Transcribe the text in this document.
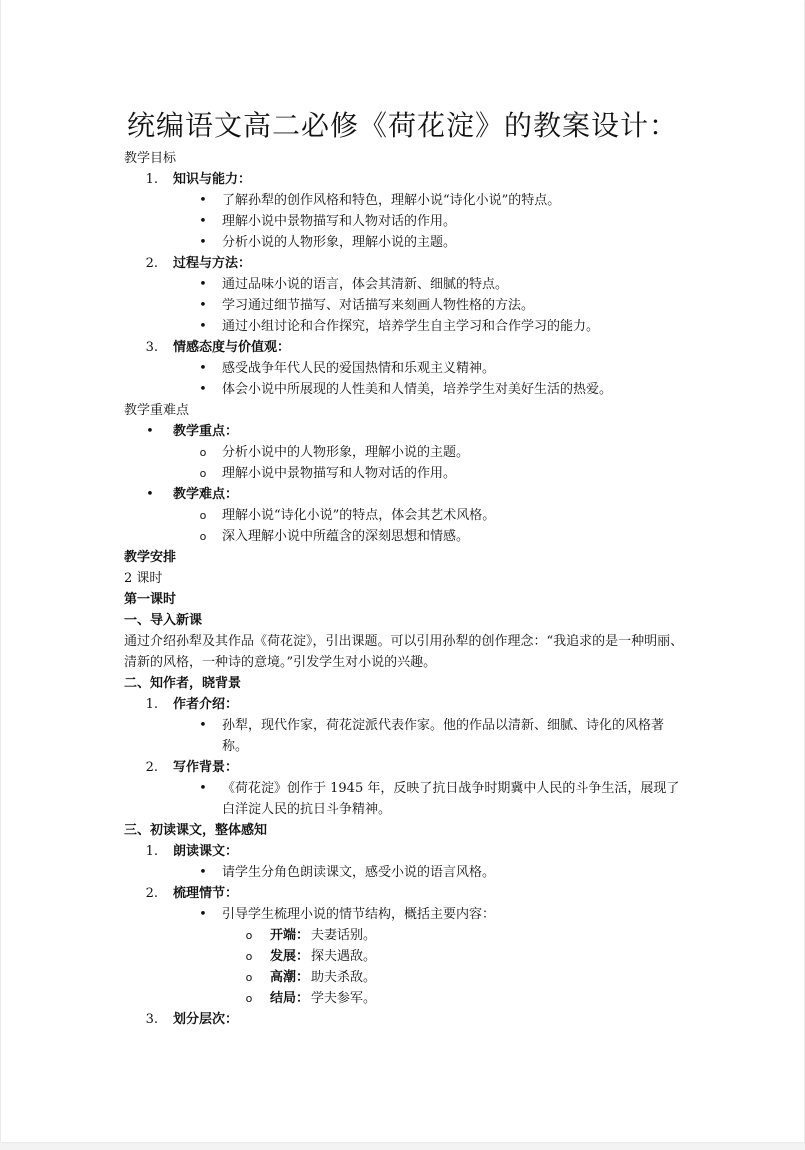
统编语文高二必修《荷花淀》的教案设计：
教学目标
1. 知识与能力：
•
了解孙犁的创作风格和特色，理解小说“诗化小说”的特点。
•
理解小说中景物描写和人物对话的作用。
•
分析小说的人物形象，理解小说的主题。
2. 过程与方法：
•
通过品味小说的语言，体会其清新、细腻的特点。
•
学习通过细节描写、对话描写来刻画人物性格的方法。
•
通过小组讨论和合作探究，培养学生自主学习和合作学习的能力。
3. 情感态度与价值观：
•
感受战争年代人民的爱国热情和乐观主义精神。
•
体会小说中所展现的人性美和人情美，培养学生对美好生活的热爱。
教学重难点
•
教学重点：
o
分析小说中的人物形象，理解小说的主题。
o
理解小说中景物描写和人物对话的作用。
•
教学难点：
o
理解小说“诗化小说”的特点，体会其艺术风格。
o
深入理解小说中所蕴含的深刻思想和情感。
教学安排
2 课时
第一课时
一、导入新课
通过介绍孙犁及其作品《荷花淀》，引出课题。可以引用孙犁的创作理念：“我追求的是一种明丽、清新的风格，一种诗的意境。”引发学生对小说的兴趣。
二、知作者，晓背景
1. 作者介绍：
•
孙犁，现代作家，荷花淀派代表作家。他的作品以清新、细腻、诗化的风格著称。
2. 写作背景：
•
《荷花淀》创作于 1945 年，反映了抗日战争时期冀中人民的斗争生活，展现了白洋淀人民的抗日斗争精神。
三、初读课文，整体感知
1. 朗读课文：
•
请学生分角色朗读课文，感受小说的语言风格。
2. 梳理情节：
•
引导学生梳理小说的情节结构，概括主要内容：
o
开端： 夫妻话别。
o
发展： 探夫遇敌。
o
高潮： 助夫杀敌。
o
结局： 学夫参军。
3. 划分层次：
